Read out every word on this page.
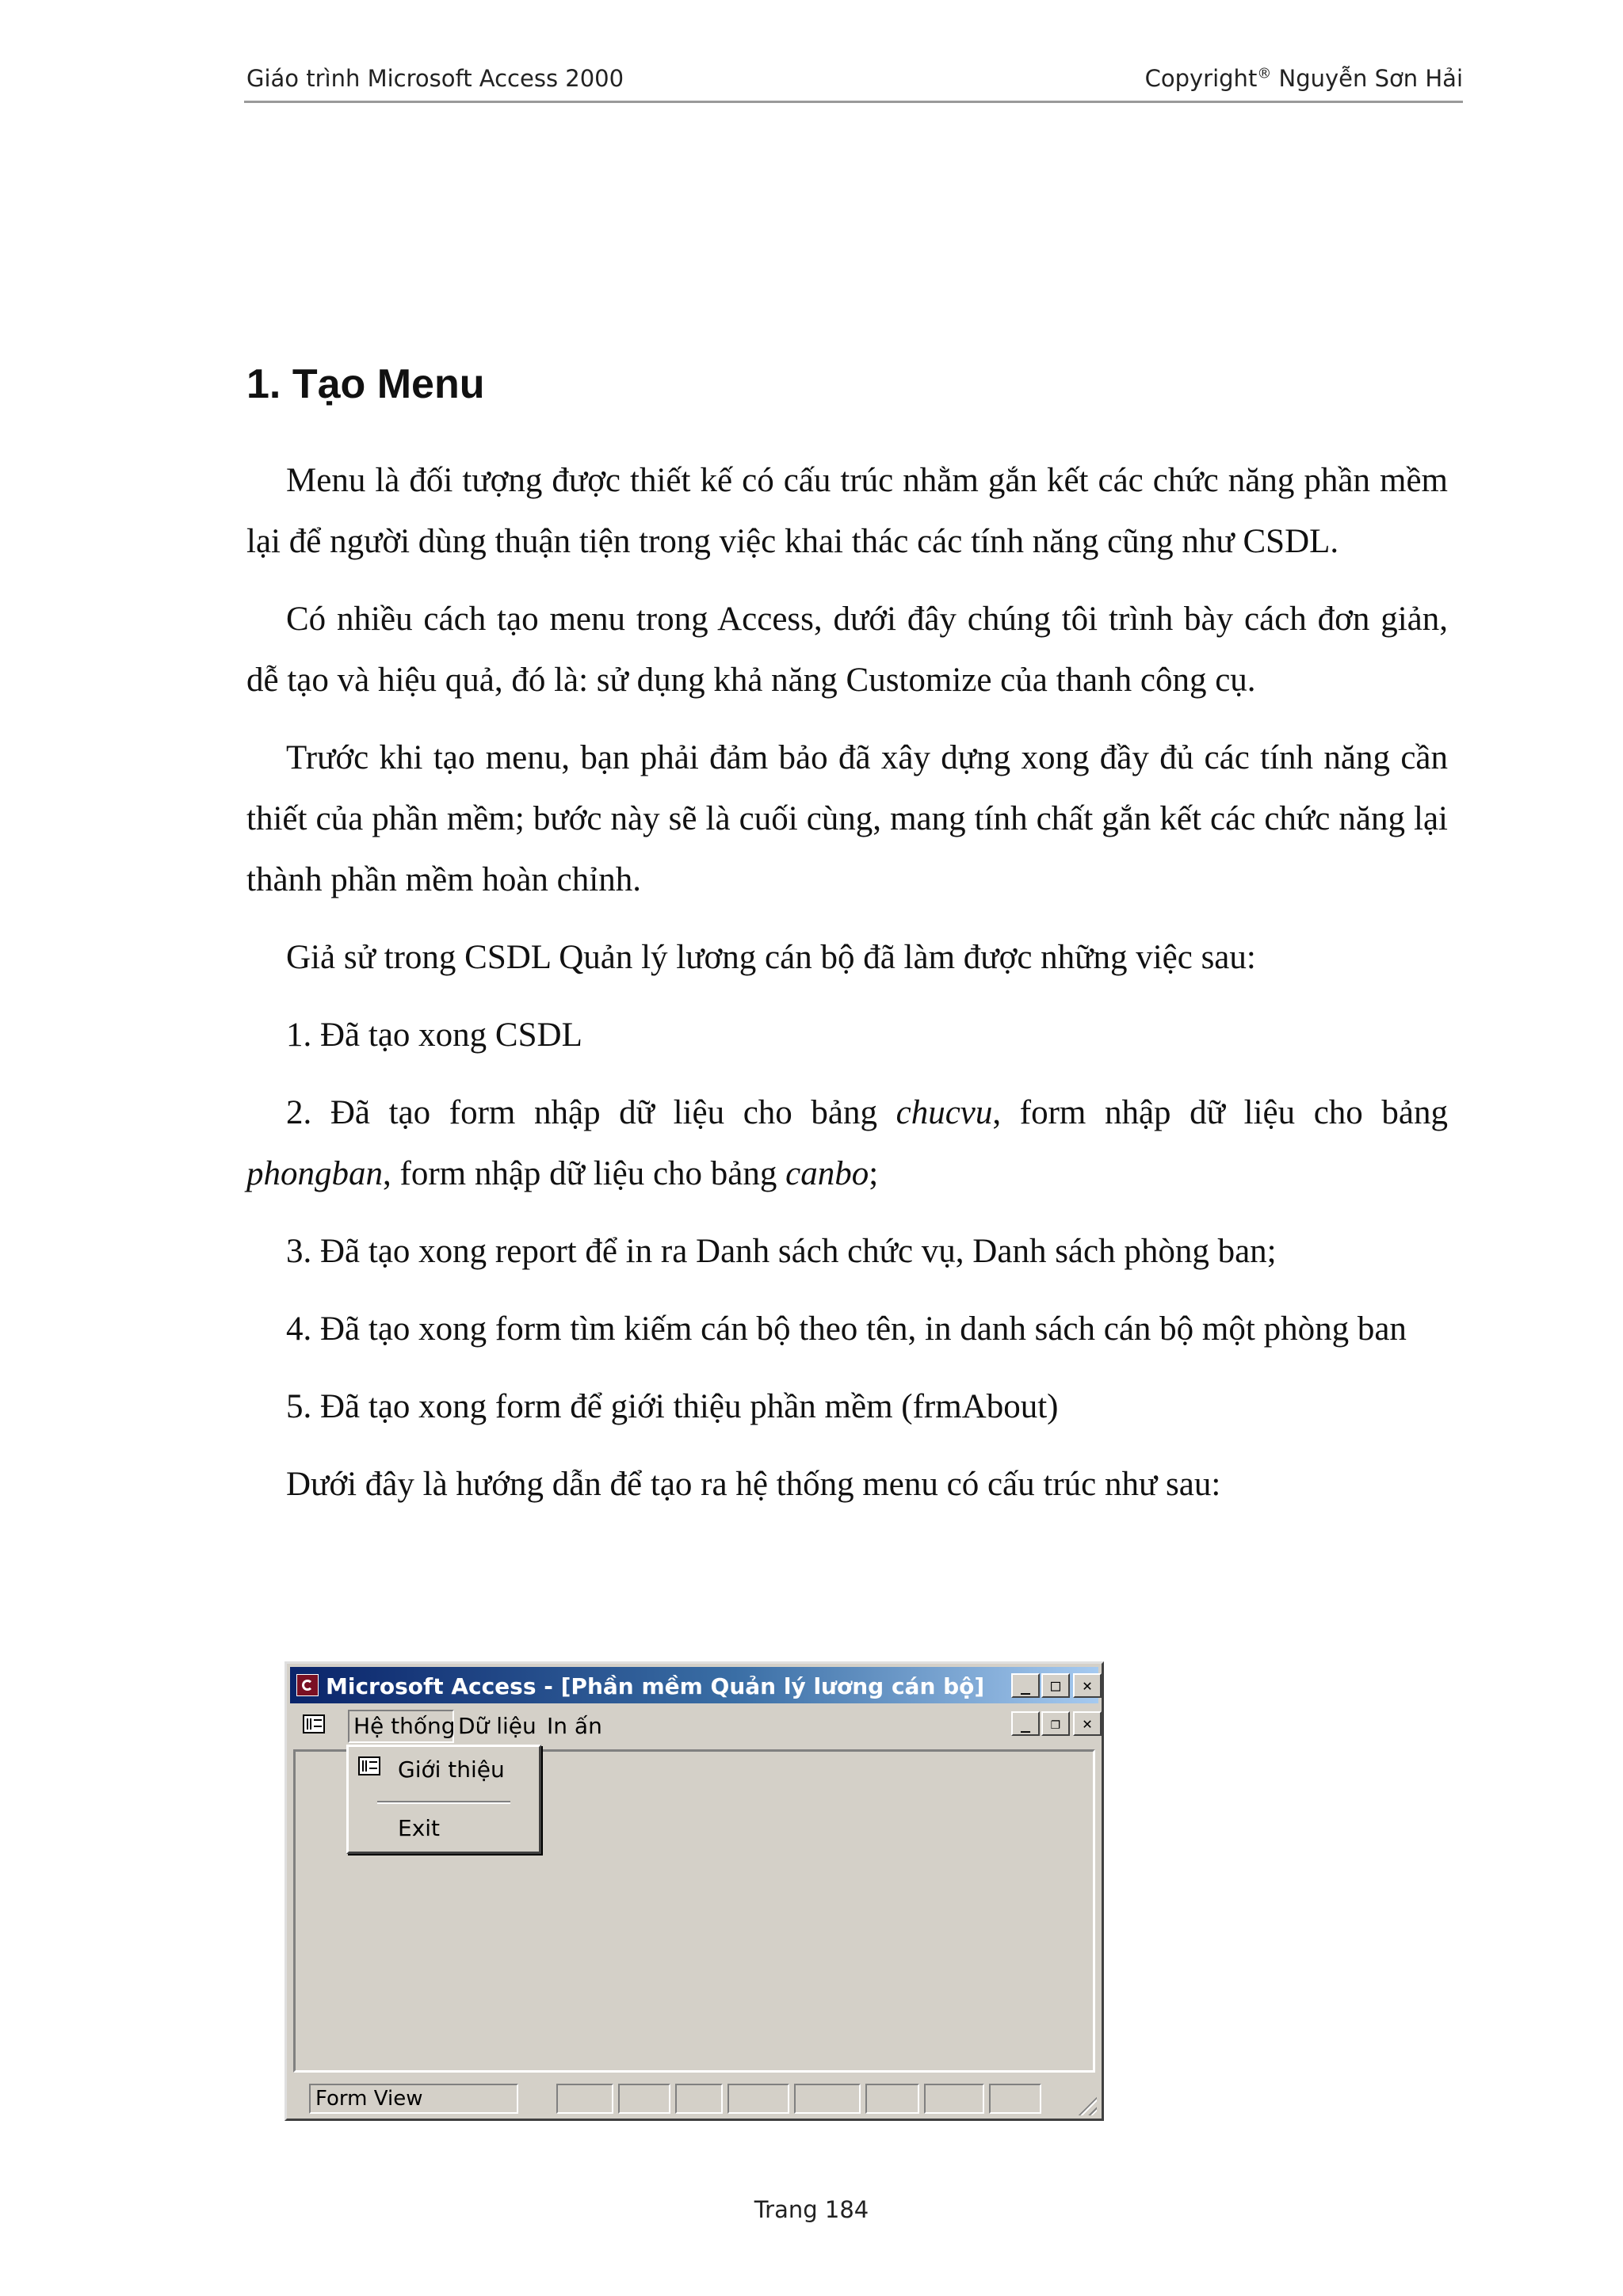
Giáo trình Microsoft Access 2000	Copyright® Nguyễn Sơn Hải
1. Tạo Menu

Menu là đối tượng được thiết kế có cấu trúc nhằm gắn kết các chức năng phần mềm lại để người dùng thuận tiện trong việc khai thác các tính năng cũng như CSDL.

Có nhiều cách tạo menu trong Access, dưới đây chúng tôi trình bày cách đơn giản, dễ tạo và hiệu quả, đó là: sử dụng khả năng Customize của thanh công cụ.

Trước khi tạo menu, bạn phải đảm bảo đã xây dựng xong đầy đủ các tính năng cần thiết của phần mềm; bước này sẽ là cuối cùng, mang tính chất gắn kết các chức năng lại thành phần mềm hoàn chỉnh.

Giả sử trong CSDL Quản lý lương cán bộ đã làm được những việc sau:

1. Đã tạo xong CSDL

2. Đã tạo form nhập dữ liệu cho bảng chucvu, form nhập dữ liệu cho bảng phongban, form nhập dữ liệu cho bảng canbo;

3. Đã tạo xong report để in ra Danh sách chức vụ, Danh sách phòng ban;

4. Đã tạo xong form tìm kiếm cán bộ theo tên, in danh sách cán bộ một phòng ban

5. Đã tạo xong form để giới thiệu phần mềm (frmAbout)

Dưới đây là hướng dẫn để tạo ra hệ thống menu có cấu trúc như sau:

Microsoft Access - [Phần mềm Quản lý lương cán bộ]	_	□	✕
Hệ thống Dữ liệu In ấn	_	❐	✕
Giới thiệu
Exit
Form View
Trang 184
